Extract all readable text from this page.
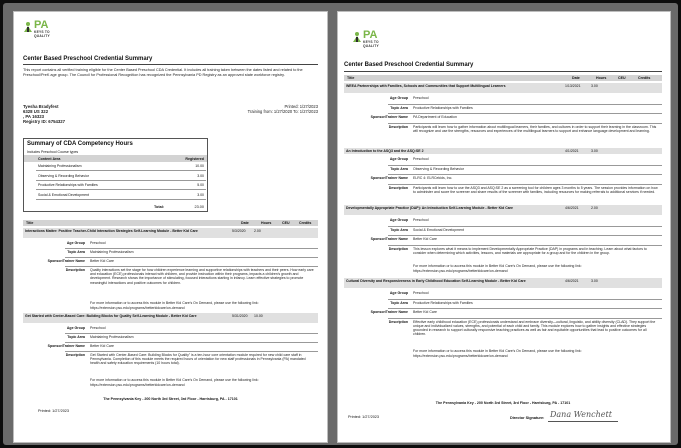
PA
KEYS TO
QUALITY
Center Based Preschool Credential Summary
This report contains all verified training eligible for the Center Based Preschool CDA Credential. It includes all training taken between the dates listed and related to the Preschool/PreK age group. The Council for Professional Recognition has recognized the Pennsylvania PD Registry as an approved state workforce registry.
Tyesha Bradyfest
6328 US 322
, PA 16323
Registry ID: 6754327
Printed: 1/27/2023
Training from: 1/27/2020 To: 1/27/2023
Summary of CDA Competency Hours
Includes Preschool Course types
Content Area	Registered
Maintaining Professionalism	10.00
Observing & Recording Behavior	3.00
Productive Relationships with Families	5.00
Social & Emotional Development	3.00
Total:	23.00
Title	Date	Hours	CEU	Credits
Interactions Matter: Positive Teacher-Child Interaction Strategies Self-Learning Module - Better Kid Care	5/3/2020 2.00
Age Group Preschool
Topic Area Maintaining Professionalism
Sponsor/Trainer Name Better Kid Care
Description Quality interactions set the stage for how children experience learning and supportive relationships with teachers and their peers. How early care and education (ECE) professionals interact with children, and provide instruction within their programs, impacts a children's growth and development. Research shows the importance of stimulating, focused interactions starting in infancy. Learn effective strategies to promote meaningful interactions and positive outcomes for children.
For more information or to access this module in Better Kid Care's On Demand, please use the following link:
https://extension.psu.edu/programs/betterkidcare/on-demand
Get Started with Center-Based Care: Building Blocks for Quality Self-Learning Module - Better Kid Care	5/31/2020 10.00
Age Group Preschool
Topic Area Maintaining Professionalism
Sponsor/Trainer Name Better Kid Care
Description Get Started with Center-Based Care: Building Blocks for Quality" is a ten-hour core orientation module required for new child care staff in Pennsylvania. Completion of this module meets the required hours of orientation for new staff professionals in Pennsylvania (PA) mandated health and safety education requirements (10 hours total).
For more information or to access this module in Better Kid Care's On Demand, please use the following link:
https://extension.psu.edu/programs/betterkidcare/on-demand
The Pennsylvania Key - 200 North 3rd Street, 3rd Floor - Harrisburg, PA - 17101
Printed: 1/27/2023
PA
KEYS TO
QUALITY
Center Based Preschool Credential Summary
Title	Date	Hours	CEU	Credits
WEEA Partnerships with Families, Schools and Communities that Support Multilingual Learners	1/13/2021	3.00
Age Group Preschool
Topic Area Productive Relationships with Families
Sponsor/Trainer Name PA Department of Education
Description Participants will learn how to gather information about multilingual learners, their families, and cultures in order to support their learning in the classroom. This will recognize and use the strengths, resources and experiences of the multilingual learners to support and enhance language development and learning.
An Introduction to the ASQ3 and the ASQ:SE 2	4/1/2021	3.00
Age Group Preschool
Topic Area Observing & Recording Behavior
Sponsor/Trainer Name ELRC 4: ELRCekids, Inc.
Description Participants will learn how to use the ASQ3 and ASQ:SE 2 as a screening tool for children ages 3 months to 5 years. The session provides information on how to administer and score the screener and share results of the screener with families, including resources for making referrals to additional services if needed.
Developmentally Appropriate Practice (DAP): An Introduction Self-Learning Module - Better Kid Care	4/6/2021	2.00
Age Group Preschool
Topic Area Social & Emotional Development
Sponsor/Trainer Name Better Kid Care
Description This lesson explores what it means to implement Developmentally Appropriate Practice (DAP) in programs and in teaching. Learn about what factors to consider when determining which activities, lessons, and materials are appropriate for a group and for the children in the group.
For more information or to access this module in Better Kid Care's On Demand, please use the following link:
https://extension.psu.edu/programs/betterkidcare/on-demand
Cultural Diversity and Responsiveness in Early Childhood Education Self-Learning Module - Better Kid Care	4/6/2021	3.00
Age Group Preschool
Topic Area Productive Relationships with Families
Sponsor/Trainer Name Better Kid Care
Description Effective early childhood education (ECE) professionals understand and embrace diversity—cultural, linguistic, and ability diversity (CLAD). They support the unique and individualized values, strengths, and potential of each child and family. This module explores how to gather insights and effective strategies grounded in research to support culturally responsive teaching practices as well as fair and equitable opportunities that lead to positive outcomes for all children.
For more information or to access this module in Better Kid Care's On Demand, please use the following link:
https://extension.psu.edu/programs/betterkidcare/on-demand
The Pennsylvania Key - 200 North 3rd Street, 3rd Floor - Harrisburg, PA - 17101
Printed: 1/27/2023	Director Signature: Dana Wenchett
